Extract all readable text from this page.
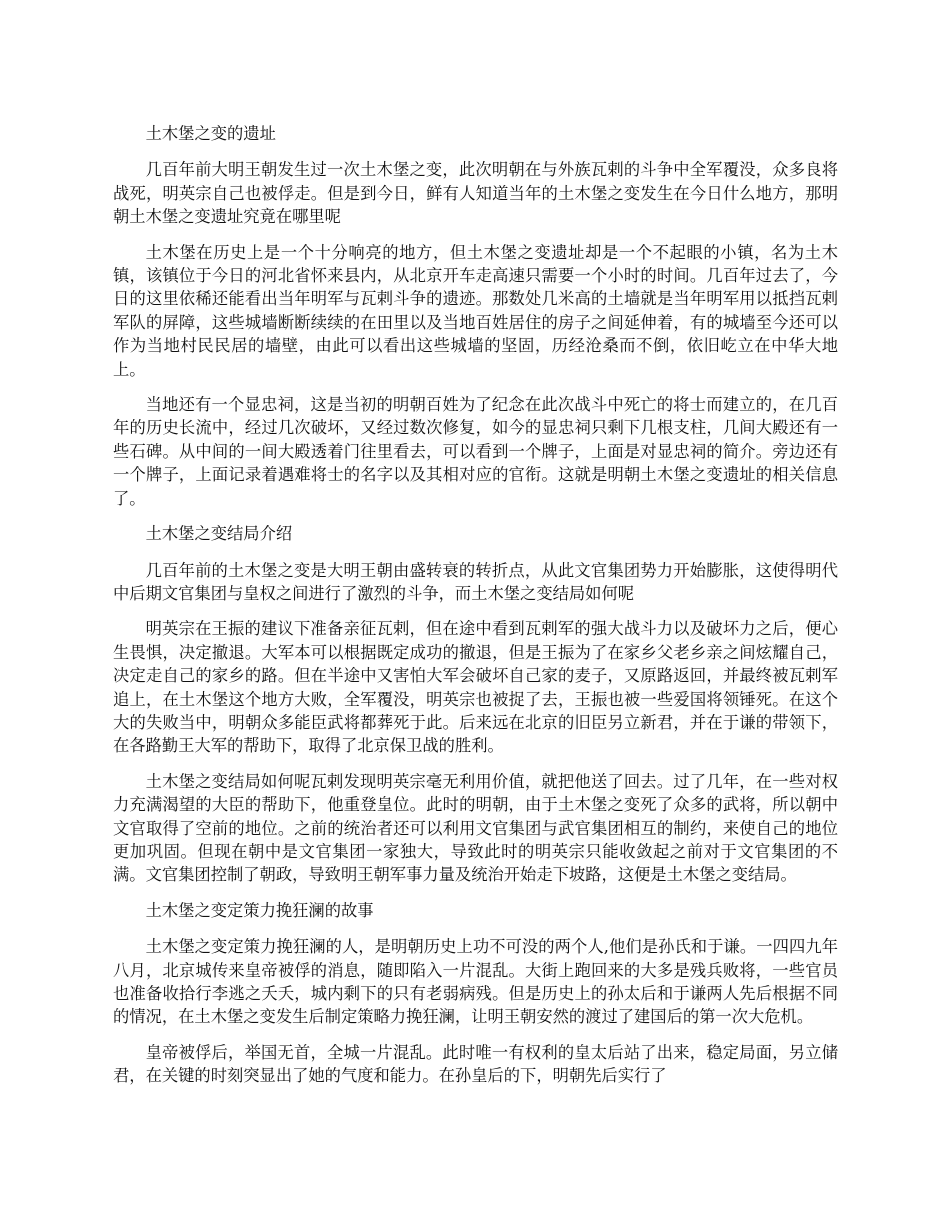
土木堡之变的遗址

几百年前大明王朝发生过一次土木堡之变，此次明朝在与外族瓦剌的斗争中全军覆没，众多良将战死，明英宗自己也被俘走。但是到今日，鲜有人知道当年的土木堡之变发生在今日什么地方，那明朝土木堡之变遗址究竟在哪里呢

土木堡在历史上是一个十分响亮的地方，但土木堡之变遗址却是一个不起眼的小镇，名为土木镇，该镇位于今日的河北省怀来县内，从北京开车走高速只需要一个小时的时间。几百年过去了，今日的这里依稀还能看出当年明军与瓦剌斗争的遗迹。那数处几米高的土墙就是当年明军用以抵挡瓦剌军队的屏障，这些城墙断断续续的在田里以及当地百姓居住的房子之间延伸着，有的城墙至今还可以作为当地村民民居的墙壁，由此可以看出这些城墙的坚固，历经沧桑而不倒，依旧屹立在中华大地上。

当地还有一个显忠祠，这是当初的明朝百姓为了纪念在此次战斗中死亡的将士而建立的，在几百年的历史长流中，经过几次破坏，又经过数次修复，如今的显忠祠只剩下几根支柱，几间大殿还有一些石碑。从中间的一间大殿透着门往里看去，可以看到一个牌子，上面是对显忠祠的简介。旁边还有一个牌子，上面记录着遇难将士的名字以及其相对应的官衔。这就是明朝土木堡之变遗址的相关信息了。

土木堡之变结局介绍

几百年前的土木堡之变是大明王朝由盛转衰的转折点，从此文官集团势力开始膨胀，这使得明代中后期文官集团与皇权之间进行了激烈的斗争，而土木堡之变结局如何呢

明英宗在王振的建议下准备亲征瓦剌，但在途中看到瓦剌军的强大战斗力以及破坏力之后，便心生畏惧，决定撤退。大军本可以根据既定成功的撤退，但是王振为了在家乡父老乡亲之间炫耀自己，决定走自己的家乡的路。但在半途中又害怕大军会破坏自己家的麦子，又原路返回，并最终被瓦剌军追上，在土木堡这个地方大败，全军覆没，明英宗也被捉了去，王振也被一些爱国将领锤死。在这个大的失败当中，明朝众多能臣武将都葬死于此。后来远在北京的旧臣另立新君，并在于谦的带领下，在各路勤王大军的帮助下，取得了北京保卫战的胜利。

土木堡之变结局如何呢瓦剌发现明英宗毫无利用价值，就把他送了回去。过了几年，在一些对权力充满渴望的大臣的帮助下，他重登皇位。此时的明朝，由于土木堡之变死了众多的武将，所以朝中文官取得了空前的地位。之前的统治者还可以利用文官集团与武官集团相互的制约，来使自己的地位更加巩固。但现在朝中是文官集团一家独大，导致此时的明英宗只能收敛起之前对于文官集团的不满。文官集团控制了朝政，导致明王朝军事力量及统治开始走下坡路，这便是土木堡之变结局。

土木堡之变定策力挽狂澜的故事

土木堡之变定策力挽狂澜的人，是明朝历史上功不可没的两个人,他们是孙氏和于谦。一四四九年八月，北京城传来皇帝被俘的消息，随即陷入一片混乱。大街上跑回来的大多是残兵败将，一些官员也准备收拾行李逃之夭夭，城内剩下的只有老弱病残。但是历史上的孙太后和于谦两人先后根据不同的情况，在土木堡之变发生后制定策略力挽狂澜，让明王朝安然的渡过了建国后的第一次大危机。

皇帝被俘后，举国无首，全城一片混乱。此时唯一有权利的皇太后站了出来，稳定局面，另立储君，在关键的时刻突显出了她的气度和能力。在孙皇后的下，明朝先后实行了
